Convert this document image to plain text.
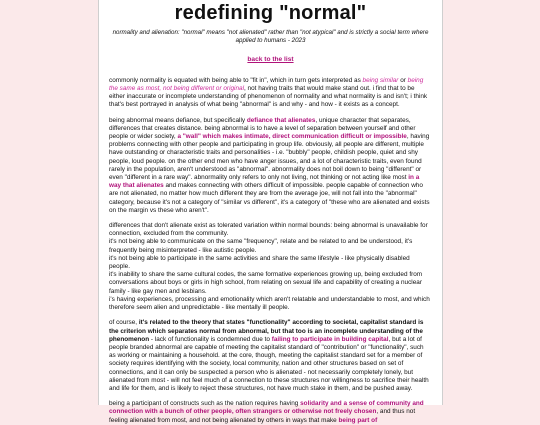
redefining "normal"
normality and alienation: "normal" means "not alienated" rather than "not atypical" and is strictly a social term where applied to humans - 2023
back to the list

commonly normality is equated with being able to "fit in", which in turn gets interpreted as being similar or being the same as most, not being different or original, not having traits that would make stand out. i find that to be either inaccurate or incomplete understanding of phenomenon of normality and what normality is and isn't; i think that's best portrayed in analysis of what being "abnormal" is and why - and how - it exists as a concept.

being abnormal means defiance, but specifically defiance that alienates, unique character that separates, differences that creates distance. being abnormal is to have a level of separation between yourself and other people or wider society, a "wall" which makes intimate, direct communication difficult or impossible, having problems connecting with other people and participating in group life. obviously, all people are different, multiple have outstanding or characteristic traits and personalities - i.e. "bubbly" people, childish people, quiet and shy people, loud people. on the other end men who have anger issues, and a lot of characteristic traits, even found rarely in the population, aren't understood as "abnormal". abnormality does not boil down to being "different" or even "different in a rare way". abnormality only refers to only not living, not thinking or not acting like most in a way that alienates and makes connecting with others difficult of impossible. people capable of connection who are not alienated, no matter how much different they are from the average joe, will not fall into the "abnormal" category, because it's not a category of "similar vs different", it's a category of "these who are alienated and exists on the margin vs these who aren't".

differences that don't alienate exist as tolerated variation within normal bounds: being abnormal is unavailable for connection, excluded from the community.

it's not being able to communicate on the same "frequency", relate and be related to and be understood, it's frequently being misinterpreted - like autistic people.

it's not being able to participate in the same activities and share the same lifestyle - like physically disabled people.

it's inability to share the same cultural codes, the same formative experiences growing up, being excluded from conversations about boys or girls in high school, from relating on sexual life and capability of creating a nuclear family - like gay men and lesbians.

i's having experiences, processing and emotionality which aren't relatable and understandable to most, and which therefore seem alien and unpredictable - like mentally ill people.

of course, it's related to the theory that states "functionality" according to societal, capitalist standard is the criterion which separates normal from abnormal, but that too is an incomplete understanding of the phenomenon - lack of functionality is condemned due to failing to participate in building capital, but a lot of people branded abnormal are capable of meeting the capitalist standard of "contribution" or "functionality", such as working or maintaining a household. at the core, though, meeting the capitalist standard set for a member of society requires identifying with the society, local community, nation and other structures based on set of connections, and it can only be suspected a person who is alienated - not necessarily completely lonely, but alienated from most - will not feel much of a connection to these structures nor willingness to sacrifice their health and life for them, and is likely to reject these structures, not have much stake in them, and be pushed away.

being a participant of constructs such as the nation requires having solidarity and a sense of community and connection with a bunch of other people, often strangers or otherwise not freely chosen, and thus not feeling alienated from most, and not being alienated by others in ways that make being part of
